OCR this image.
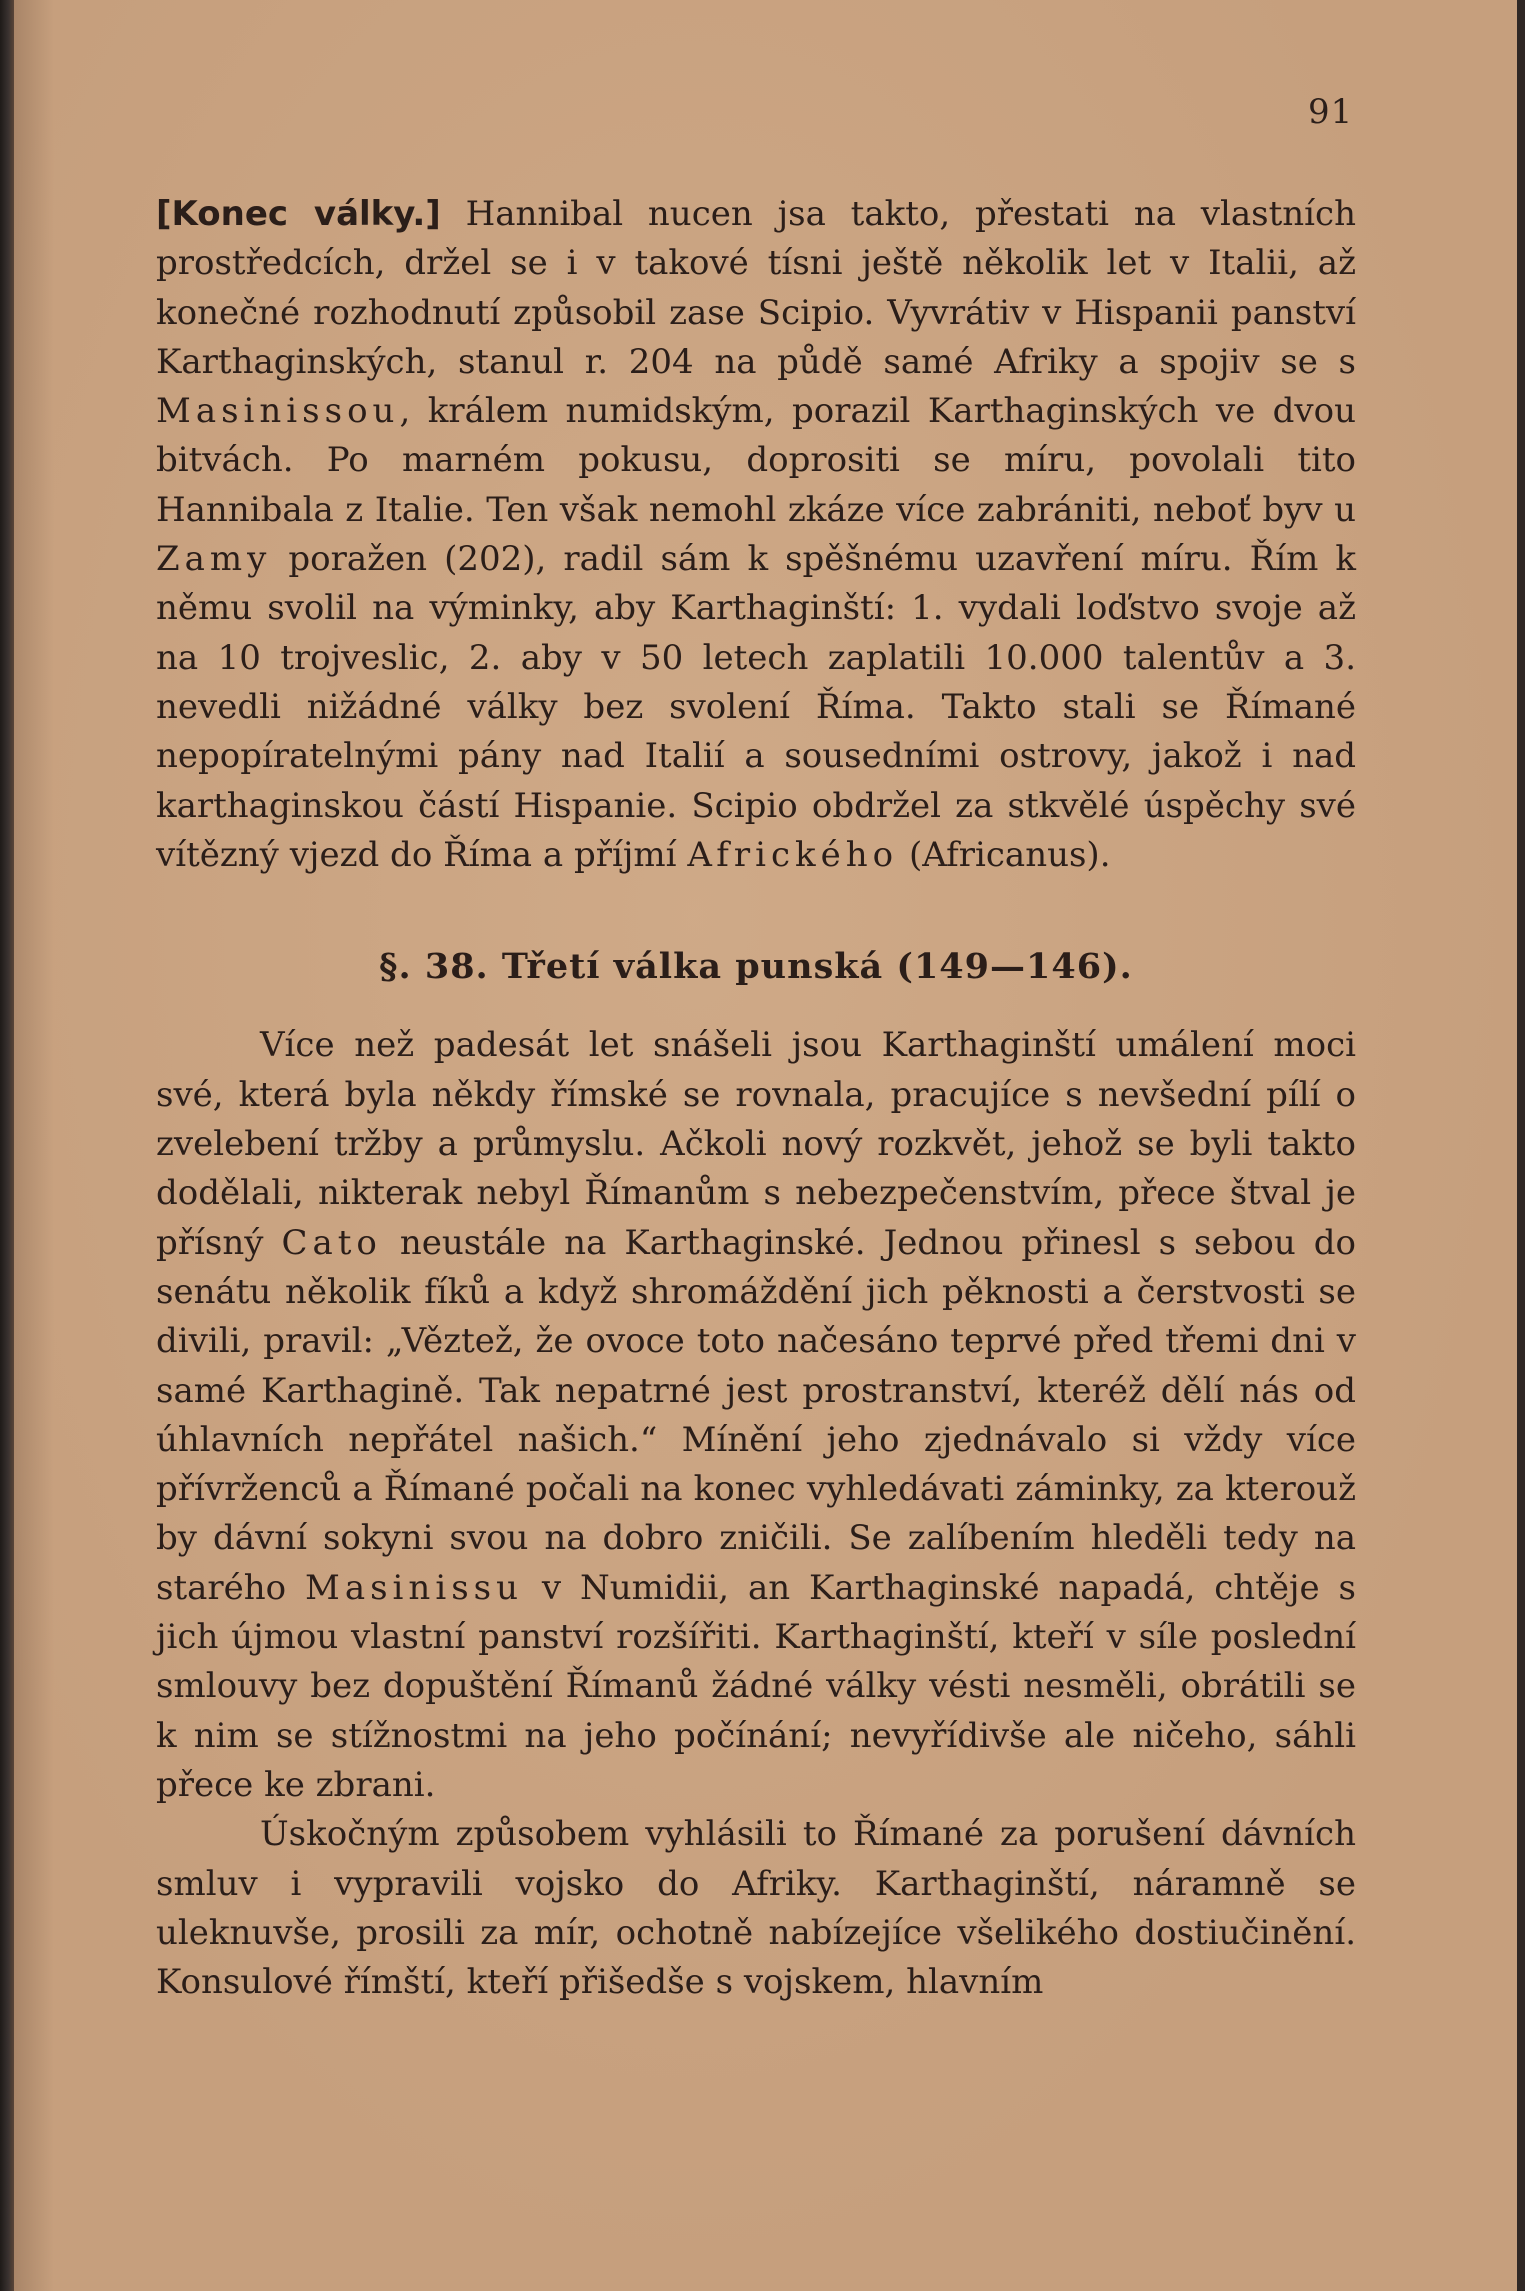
91

[Konec války.] Hannibal nucen jsa takto, přestati na vlastních prostředcích, držel se i v takové tísni ještě několik let v Italii, až konečné rozhodnutí způsobil zase Scipio. Vyvrátiv v Hispanii panství Karthaginských, stanul r. 204 na půdě samé Afriky a spojiv se s Masinissou, králem numidským, porazil Karthaginských ve dvou bitvách. Po marném pokusu, doprositi se míru, povolali tito Hannibala z Italie. Ten však nemohl zkáze více zabrániti, neboť byv u Zamy poražen (202), radil sám k spěšnému uzavření míru. Řím k němu svolil na výminky, aby Karthaginští: 1. vydali loďstvo svoje až na 10 trojveslic, 2. aby v 50 letech zaplatili 10.000 talentův a 3. nevedli nižádné války bez svolení Říma. Takto stali se Římané nepopíratelnými pány nad Italií a sousedními ostrovy, jakož i nad karthaginskou částí Hispanie. Scipio obdržel za stkvělé úspěchy své vítězný vjezd do Říma a příjmí Afrického (Africanus).

§. 38. Třetí válka punská (149—146).

Více než padesát let snášeli jsou Karthaginští umálení moci své, která byla někdy římské se rovnala, pracujíce s nevšední pílí o zvelebení tržby a průmyslu. Ačkoli nový rozkvět, jehož se byli takto dodělali, nikterak nebyl Římanům s nebezpečenstvím, přece štval je přísný Cato neustále na Karthaginské. Jednou přinesl s sebou do senátu několik fíků a když shromáždění jich pěknosti a čerstvosti se divili, pravil: „Věztež, že ovoce toto načesáno teprvé před třemi dni v samé Karthagině. Tak nepatrné jest prostranství, kteréž dělí nás od úhlavních nepřátel našich.“ Mínění jeho zjednávalo si vždy více přívrženců a Římané počali na konec vyhledávati záminky, za kterouž by dávní sokyni svou na dobro zničili. Se zalíbením hleděli tedy na starého Masinissu v Numidii, an Karthaginské napadá, chtěje s jich újmou vlastní panství rozšířiti. Karthaginští, kteří v síle poslední smlouvy bez dopuštění Římanů žádné války vésti nesměli, obrátili se k nim se stížnostmi na jeho počínání; nevyřídivše ale ničeho, sáhli přece ke zbrani.

Úskočným způsobem vyhlásili to Římané za porušení dávních smluv i vypravili vojsko do Afriky. Karthaginští, náramně se uleknuvše, prosili za mír, ochotně nabízejíce všelikého dostiučinění. Konsulové římští, kteří přišedše s vojskem, hlavním
